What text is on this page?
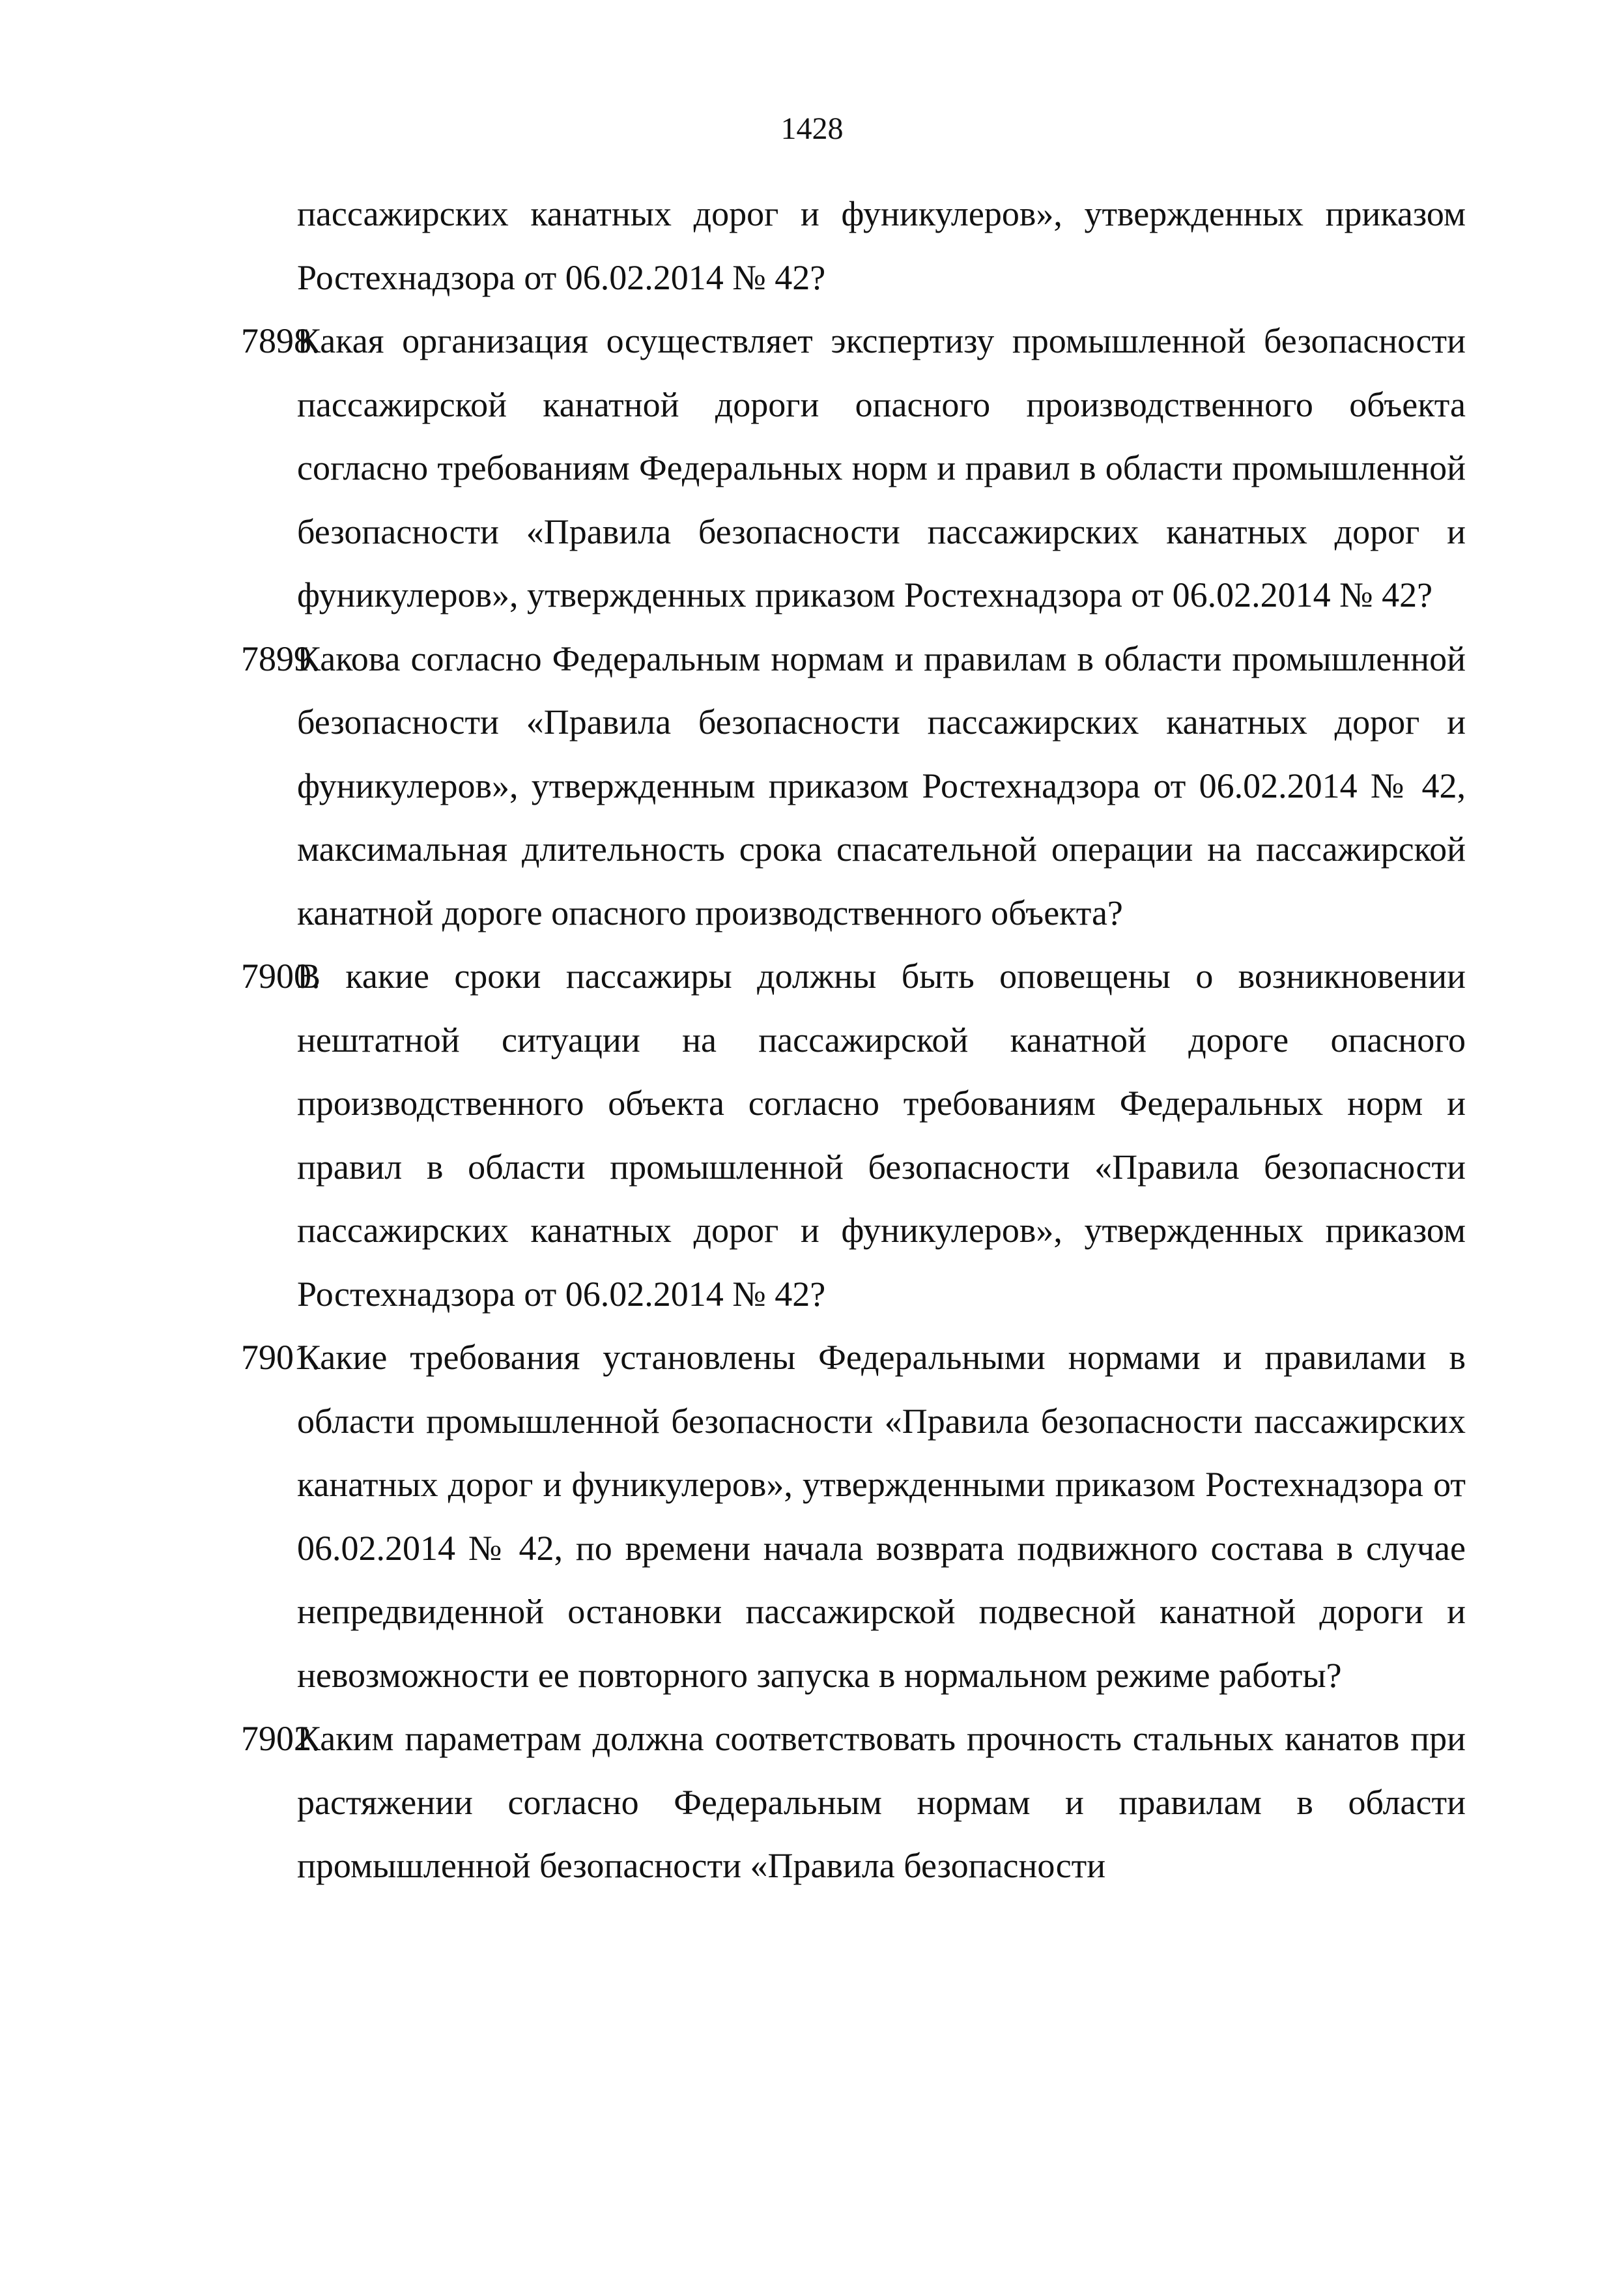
1428
пассажирских канатных дорог и фуникулеров», утвержденных приказом Ростехнадзора от 06.02.2014 № 42?
7898.
Какая организация осуществляет экспертизу промышленной безопасности пассажирской канатной дороги опасного производственного объекта согласно требованиям Федеральных норм и правил в области промышленной безопасности «Правила безопасности пассажирских канатных дорог и фуникулеров», утвержденных приказом Ростехнадзора от 06.02.2014 № 42?
7899.
Какова согласно Федеральным нормам и правилам в области промышленной безопасности «Правила безопасности пассажирских канатных дорог и фуникулеров», утвержденным приказом Ростехнадзора от 06.02.2014 № 42, максимальная длительность срока спасательной операции на пассажирской канатной дороге опасного производственного объекта?
7900.
В какие сроки пассажиры должны быть оповещены о возникновении нештатной ситуации на пассажирской канатной дороге опасного производственного объекта согласно требованиям Федеральных норм и правил в области промышленной безопасности «Правила безопасности пассажирских канатных дорог и фуникулеров», утвержденных приказом Ростехнадзора от 06.02.2014 № 42?
7901.
Какие требования установлены Федеральными нормами и правилами в области промышленной безопасности «Правила безопасности пассажирских канатных дорог и фуникулеров», утвержденными приказом Ростехнадзора от 06.02.2014 № 42, по времени начала возврата подвижного состава в случае непредвиденной остановки пассажирской подвесной канатной дороги и невозможности ее повторного запуска в нормальном режиме работы?
7902.
Каким параметрам должна соответствовать прочность стальных канатов при растяжении согласно Федеральным нормам и правилам в области промышленной безопасности «Правила безопасности
